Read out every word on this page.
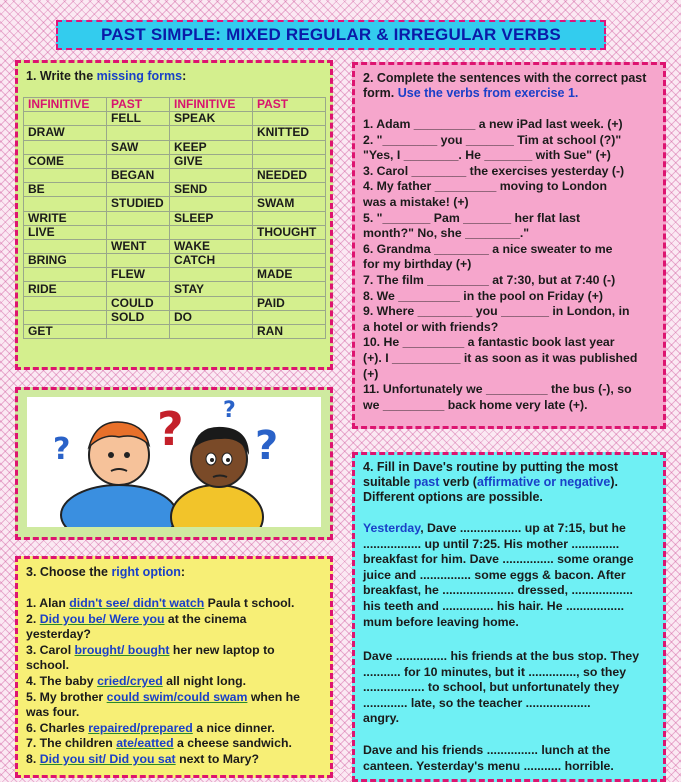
PAST SIMPLE: MIXED REGULAR & IRREGULAR VERBS
1. Write the missing forms:
INFINITIVE	PAST	INFINITIVE	PAST
	FELL	SPEAK	
DRAW			KNITTED
	SAW	KEEP	
COME		GIVE	
	BEGAN		NEEDED
BE		SEND	
	STUDIED		SWAM
WRITE		SLEEP	
LIVE			THOUGHT
	WENT	WAKE	
BRING		CATCH	
	FLEW		MADE
RIDE		STAY	
	COULD		PAID
	SOLD	DO	
GET			RAN
2. Complete the sentences with the correct past
form. Use the verbs from exercise 1.
1. Adam _________ a new iPad last week. (+)
2. "________ you _______ Tim at school (?)"
"Yes, I ________. He _______ with Sue" (+)
3. Carol ________ the exercises yesterday (-)
4. My father _________ moving to London
was a mistake! (+)
5. "_______ Pam _______ her flat last
month?" No, she ________."
6. Grandma ________ a nice sweater to me
for my birthday (+)
7. The film _________ at 7:30, but at 7:40 (-)
8. We _________ in the pool on Friday (+)
9. Where ________ you _______ in London, in
a hotel or with friends?
10. He _________ a fantastic book last year
(+). I __________ it as soon as it was published
(+)
11. Unfortunately we _________ the bus (-), so
we _________ back home very late (+).
? ?
?
?
3. Choose the right option:
1. Alan didn't see/ didn't watch Paula t school.
2. Did you be/ Were you at the cinema
yesterday?
3. Carol brought/ bought her new laptop to
school.
4. The baby cried/cryed all night long.
5. My brother could swim/could swam when he
was four.
6. Charles repaired/prepared a nice dinner.
7. The children ate/eatted a cheese sandwich.
8. Did you sit/ Did you sat next to Mary?
4. Fill in Dave's routine by putting the most
suitable past verb (affirmative or negative).
Different options are possible.
Yesterday, Dave .................. up at 7:15, but he
................. up until 7:25. His mother ..............
breakfast for him. Dave ............... some orange
juice and ............... some eggs & bacon. After
breakfast, he ..................... dressed, ..................
his teeth and ............... his hair. He .................
mum before leaving home.
Dave ............... his friends at the bus stop. They
........... for 10 minutes, but it .............., so they
.................. to school, but unfortunately they
............. late, so the teacher ...................
angry.
Dave and his friends ............... lunch at the
canteen. Yesterday's menu ........... horrible.
